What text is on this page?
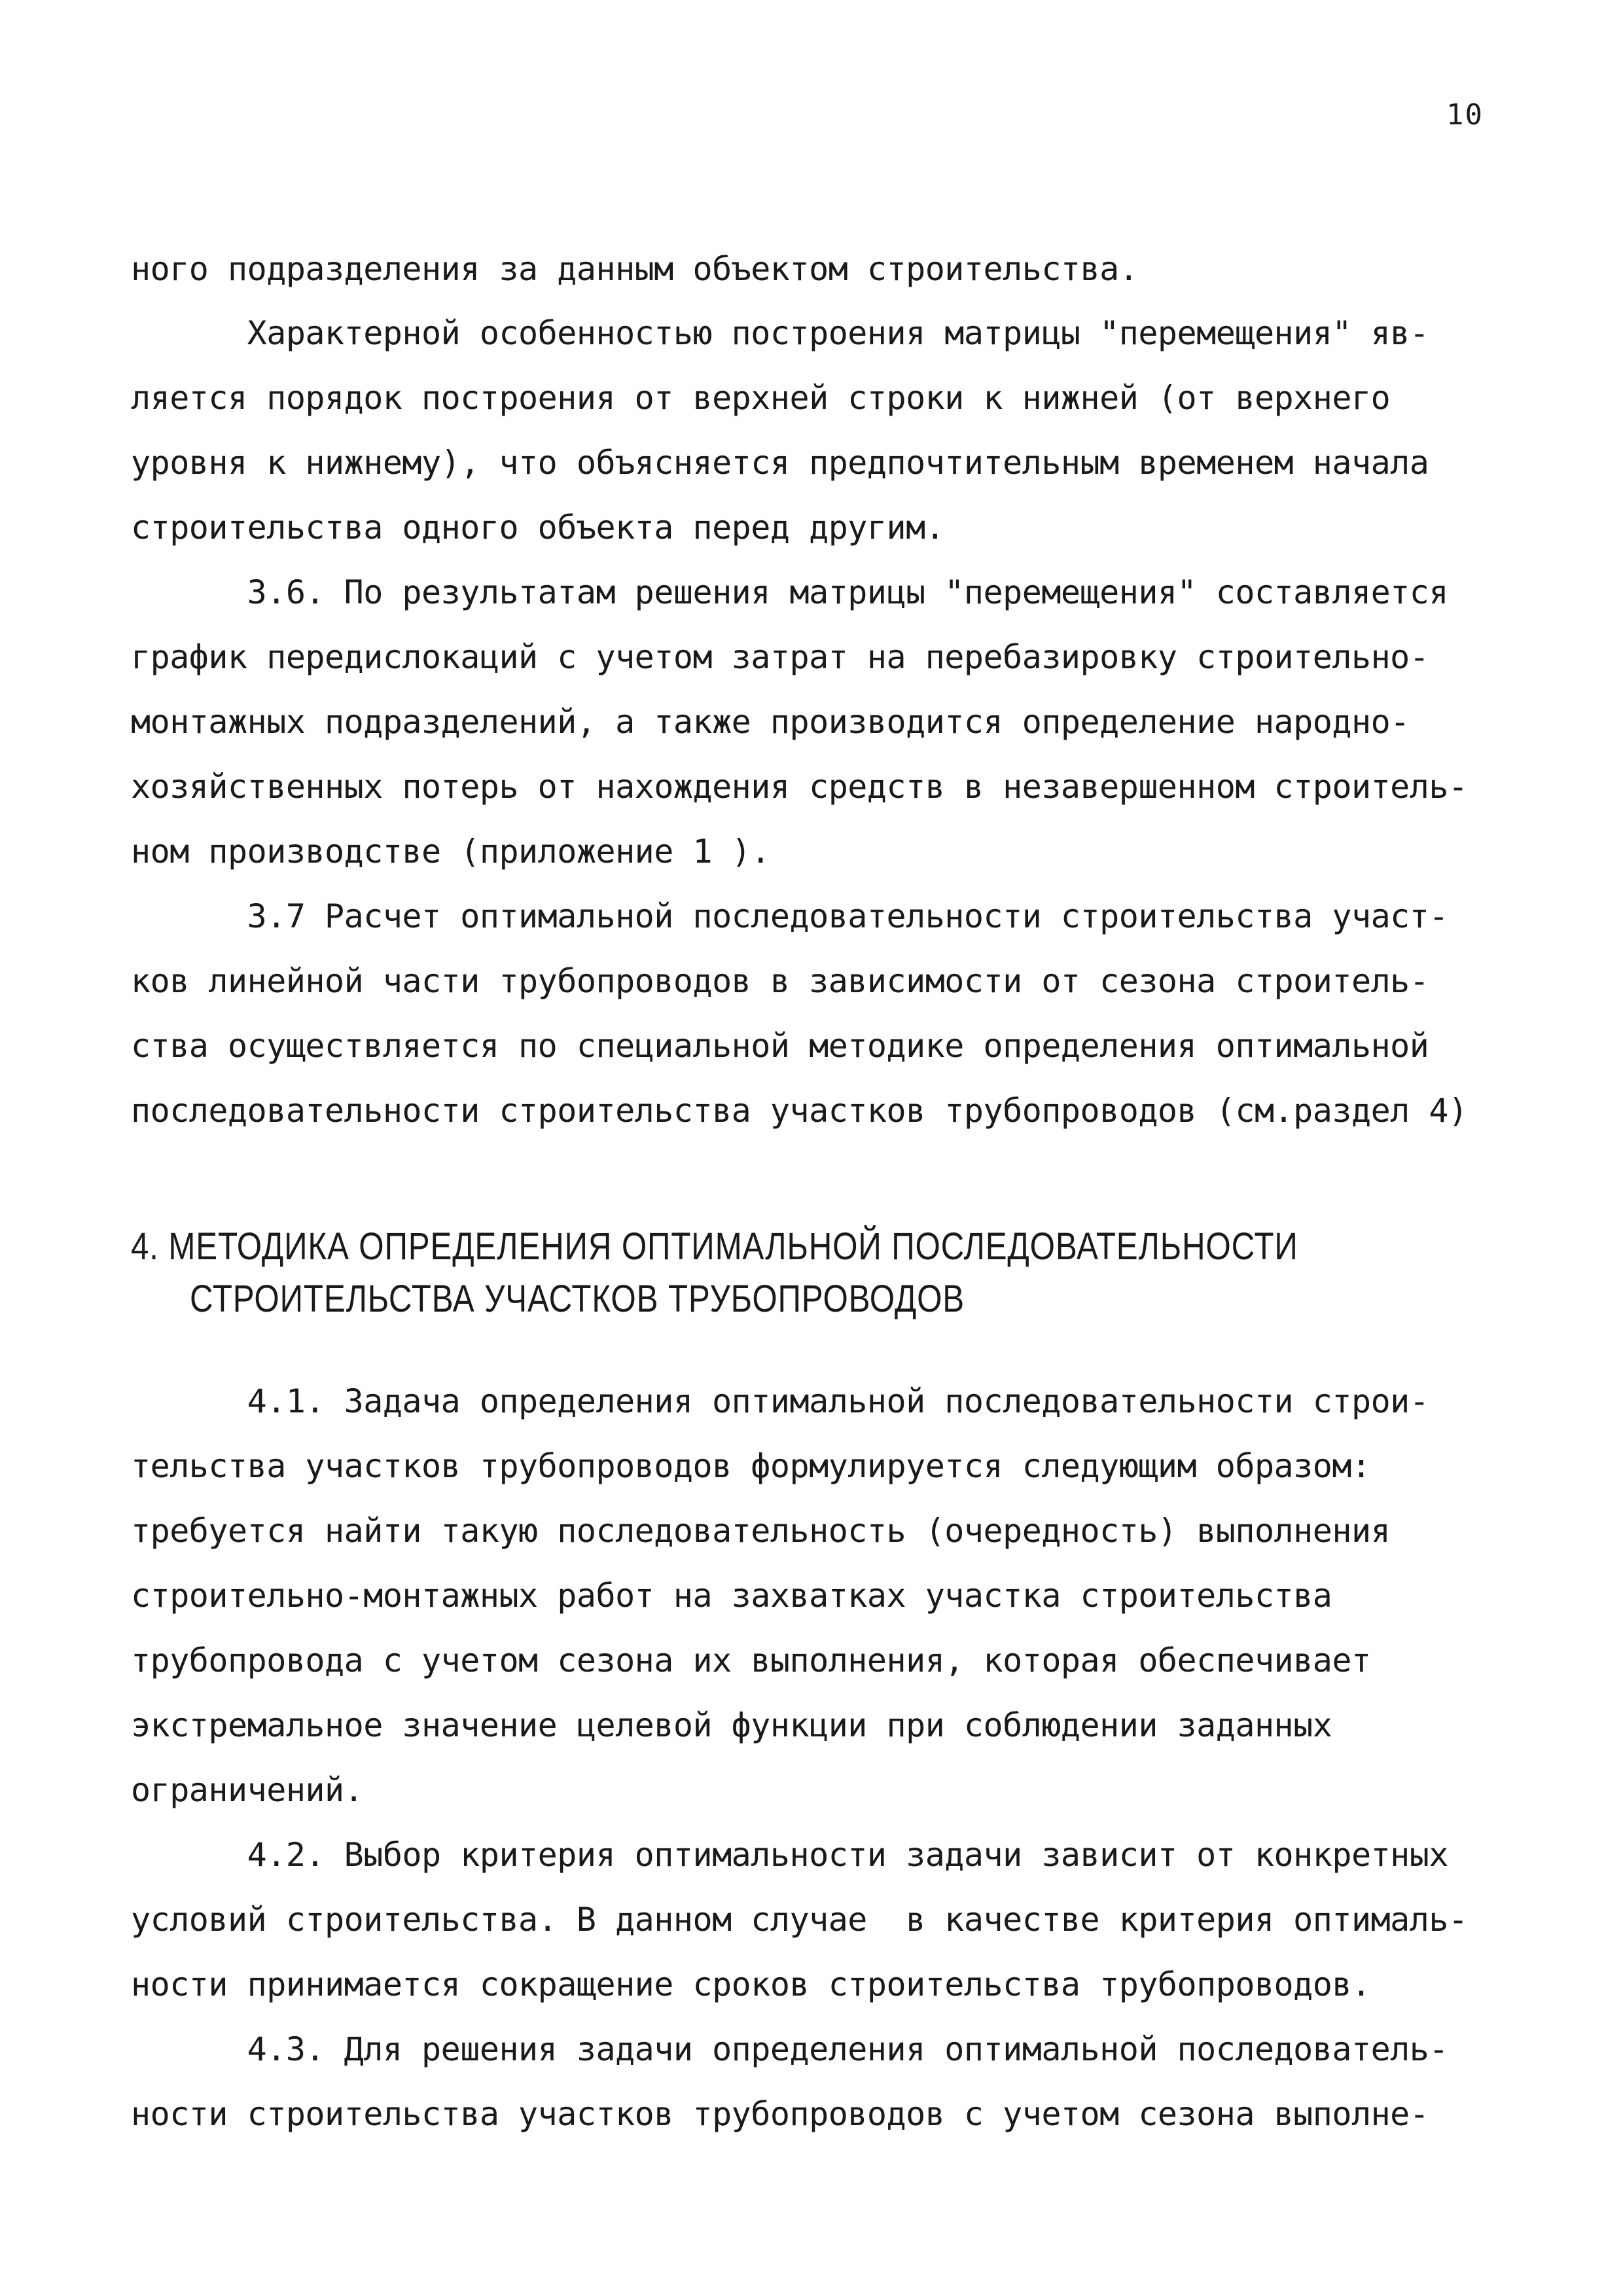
10
ного подразделения за данным объектом строительства.
Характерной особенностью построения матрицы "перемещения" яв-
ляется порядок построения от верхней строки к нижней (от верхнего
уровня к нижнему), что объясняется предпочтительным временем начала
строительства одного объекта перед другим.
3.6. По результатам решения матрицы "перемещения" составляется
график передислокаций с учетом затрат на перебазировку строительно-
монтажных подразделений, а также производится определение народно-
хозяйственных потерь от нахождения средств в незавершенном строитель-
ном производстве (приложение 1 ).
3.7 Расчет оптимальной последовательности строительства участ-
ков линейной части трубопроводов в зависимости от сезона строитель-
ства осуществляется по специальной методике определения оптимальной
последовательности строительства участков трубопроводов (см.раздел 4)
4. МЕТОДИКА ОПРЕДЕЛЕНИЯ ОПТИМАЛЬНОЙ ПОСЛЕДОВАТЕЛЬНОСТИ
СТРОИТЕЛЬСТВА УЧАСТКОВ ТРУБОПРОВОДОВ
4.1. Задача определения оптимальной последовательности строи-
тельства участков трубопроводов формулируется следующим образом:
требуется найти такую последовательность (очередность) выполнения
строительно-монтажных работ на захватках участка строительства
трубопровода с учетом сезона их выполнения, которая обеспечивает
экстремальное значение целевой функции при соблюдении заданных
ограничений.
4.2. Выбор критерия оптимальности задачи зависит от конкретных
условий строительства. В данном случае  в качестве критерия оптималь-
ности принимается сокращение сроков строительства трубопроводов.
4.3. Для решения задачи определения оптимальной последователь-
ности строительства участков трубопроводов с учетом сезона выполне-
